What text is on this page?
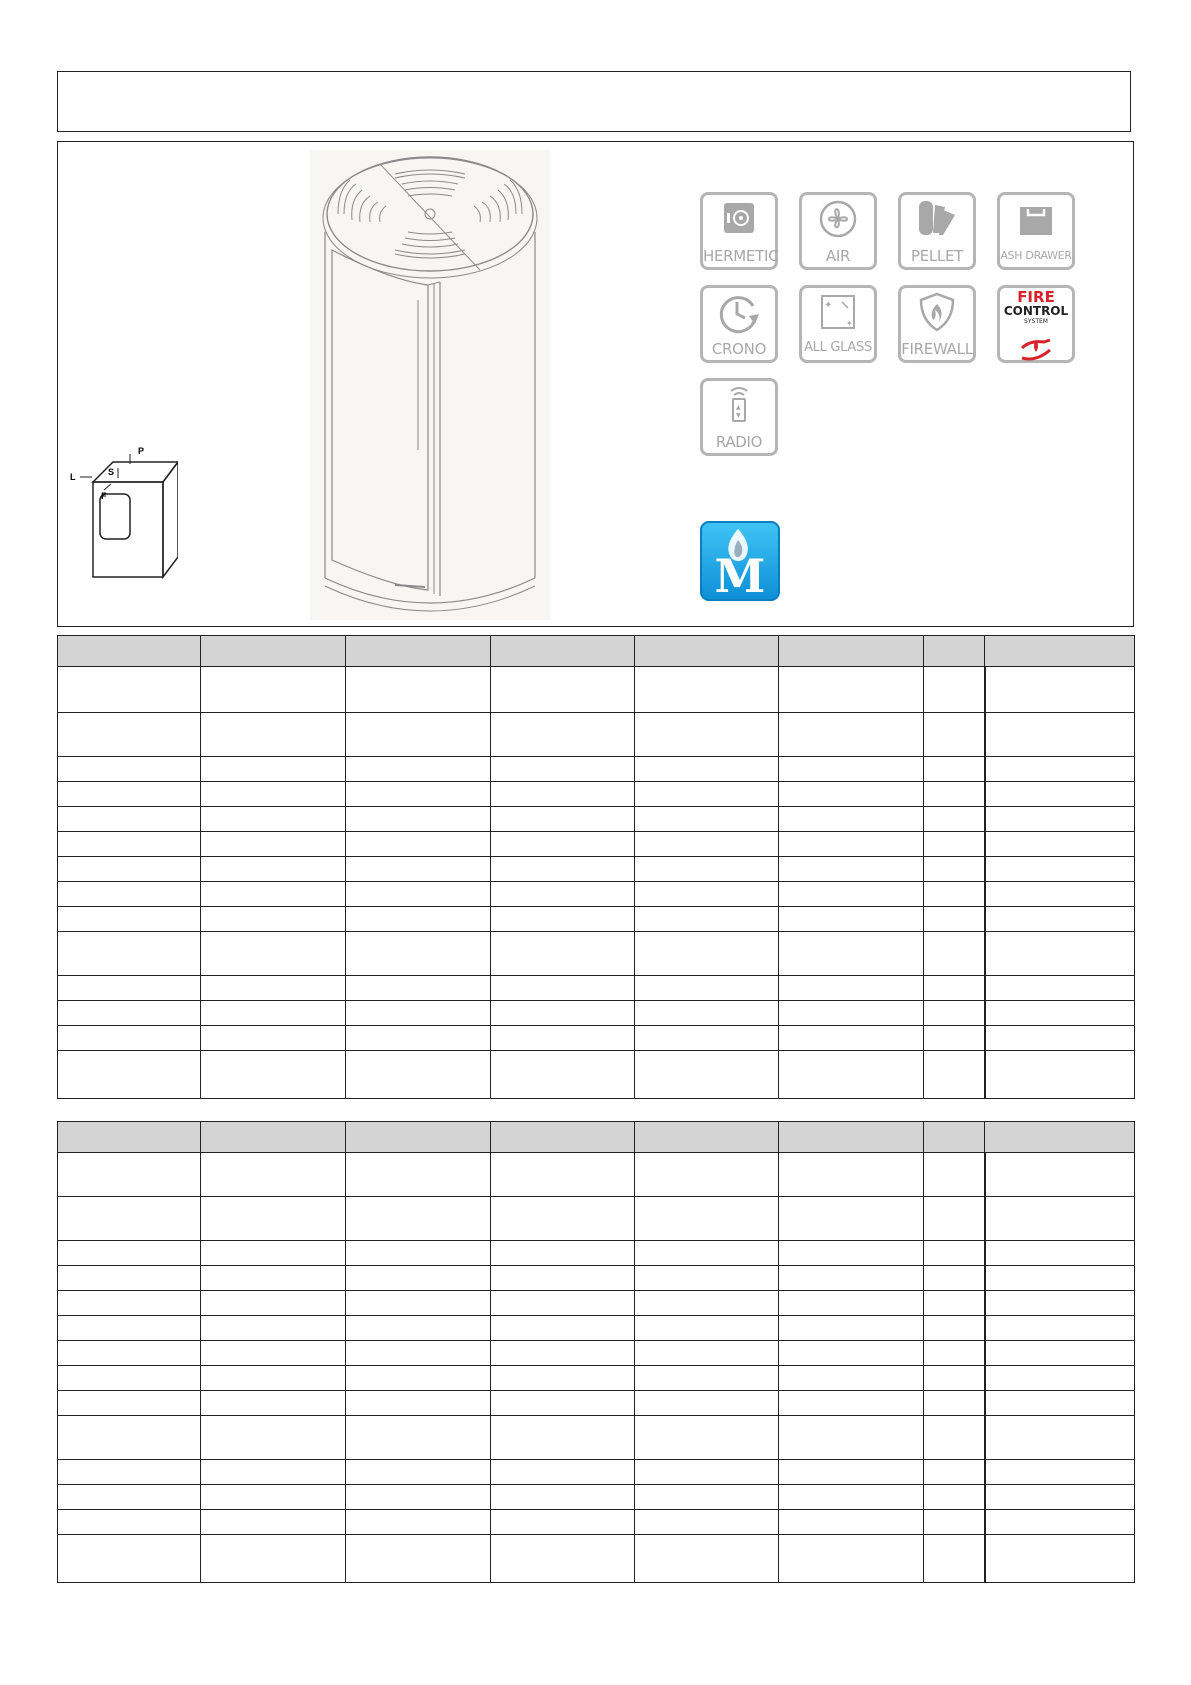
P
S
L
F
HERMETIC	AIR	PELLET	ASH DRAWER
CRONO
✦
✦
ALL GLASS FIREWALL
FIRE
CONTROL
SYSTEM
▲
▼
RADIO
M
